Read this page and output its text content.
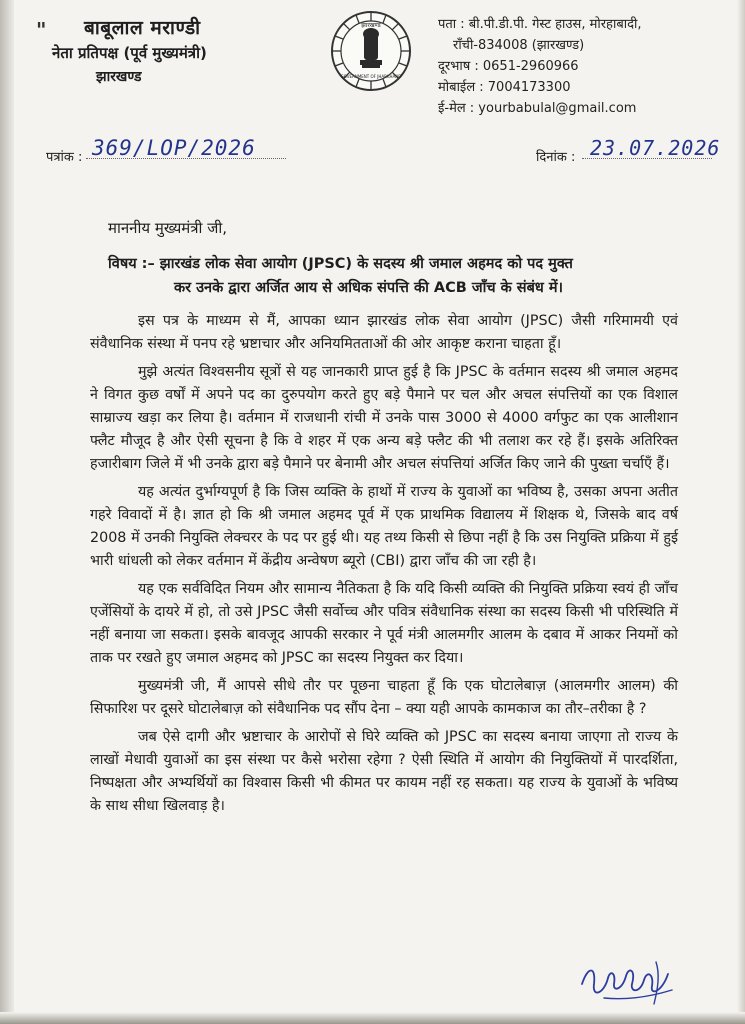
" बाबूलाल मराण्डी
नेता प्रतिपक्ष (पूर्व मुख्यमंत्री)
झारखण्ड
झारखण्ड
GOVERNMENT OF JHARKHAND
पता : बी.पी.डी.पी. गेस्ट हाउस, मोरहाबादी,
राँची-834008 (झारखण्ड)
दूरभाष : 0651-2960966
मोबाईल : 7004173300
ई-मेल : yourbabulal@gmail.com
पत्रांक : 369/LOP/2026	दिनांक : 23.07.2026
माननीय मुख्यमंत्री जी,
विषय :– झारखंड लोक सेवा आयोग (JPSC) के सदस्य श्री जमाल अहमद को पद मुक्त
कर उनके द्वारा अर्जित आय से अधिक संपत्ति की ACB जाँच के संबंध में।

इस पत्र के माध्यम से मैं, आपका ध्यान झारखंड लोक सेवा आयोग (JPSC) जैसी गरिमामयी एवं संवैधानिक संस्था में पनप रहे भ्रष्टाचार और अनियमितताओं की ओर आकृष्ट कराना चाहता हूँ।

मुझे अत्यंत विश्वसनीय सूत्रों से यह जानकारी प्राप्त हुई है कि JPSC के वर्तमान सदस्य श्री जमाल अहमद ने विगत कुछ वर्षों में अपने पद का दुरुपयोग करते हुए बड़े पैमाने पर चल और अचल संपत्तियों का एक विशाल साम्राज्य खड़ा कर लिया है। वर्तमान में राजधानी रांची में उनके पास 3000 से 4000 वर्गफुट का एक आलीशान फ्लैट मौजूद है और ऐसी सूचना है कि वे शहर में एक अन्य बड़े फ्लैट की भी तलाश कर रहे हैं। इसके अतिरिक्त हजारीबाग जिले में भी उनके द्वारा बड़े पैमाने पर बेनामी और अचल संपत्तियां अर्जित किए जाने की पुख्ता चर्चाएँ हैं।

यह अत्यंत दुर्भाग्यपूर्ण है कि जिस व्यक्ति के हाथों में राज्य के युवाओं का भविष्य है, उसका अपना अतीत गहरे विवादों में है। ज्ञात हो कि श्री जमाल अहमद पूर्व में एक प्राथमिक विद्यालय में शिक्षक थे, जिसके बाद वर्ष 2008 में उनकी नियुक्ति लेक्चरर के पद पर हुई थी। यह तथ्य किसी से छिपा नहीं है कि उस नियुक्ति प्रक्रिया में हुई भारी धांधली को लेकर वर्तमान में केंद्रीय अन्वेषण ब्यूरो (CBI) द्वारा जाँच की जा रही है।

यह एक सर्वविदित नियम और सामान्य नैतिकता है कि यदि किसी व्यक्ति की नियुक्ति प्रक्रिया स्वयं ही जाँच एजेंसियों के दायरे में हो, तो उसे JPSC जैसी सर्वोच्च और पवित्र संवैधानिक संस्था का सदस्य किसी भी परिस्थिति में नहीं बनाया जा सकता। इसके बावजूद आपकी सरकार ने पूर्व मंत्री आलमगीर आलम के दबाव में आकर नियमों को ताक पर रखते हुए जमाल अहमद को JPSC का सदस्य नियुक्त कर दिया।

मुख्यमंत्री जी, मैं आपसे सीधे तौर पर पूछना चाहता हूँ कि एक घोटालेबाज़ (आलमगीर आलम) की सिफारिश पर दूसरे घोटालेबाज़ को संवैधानिक पद सौंप देना – क्या यही आपके कामकाज का तौर–तरीका है ?

जब ऐसे दागी और भ्रष्टाचार के आरोपों से घिरे व्यक्ति को JPSC का सदस्य बनाया जाएगा तो राज्य के लाखों मेधावी युवाओं का इस संस्था पर कैसे भरोसा रहेगा ? ऐसी स्थिति में आयोग की नियुक्तियों में पारदर्शिता, निष्पक्षता और अभ्यर्थियों का विश्वास किसी भी कीमत पर कायम नहीं रह सकता। यह राज्य के युवाओं के भविष्य के साथ सीधा खिलवाड़ है।
